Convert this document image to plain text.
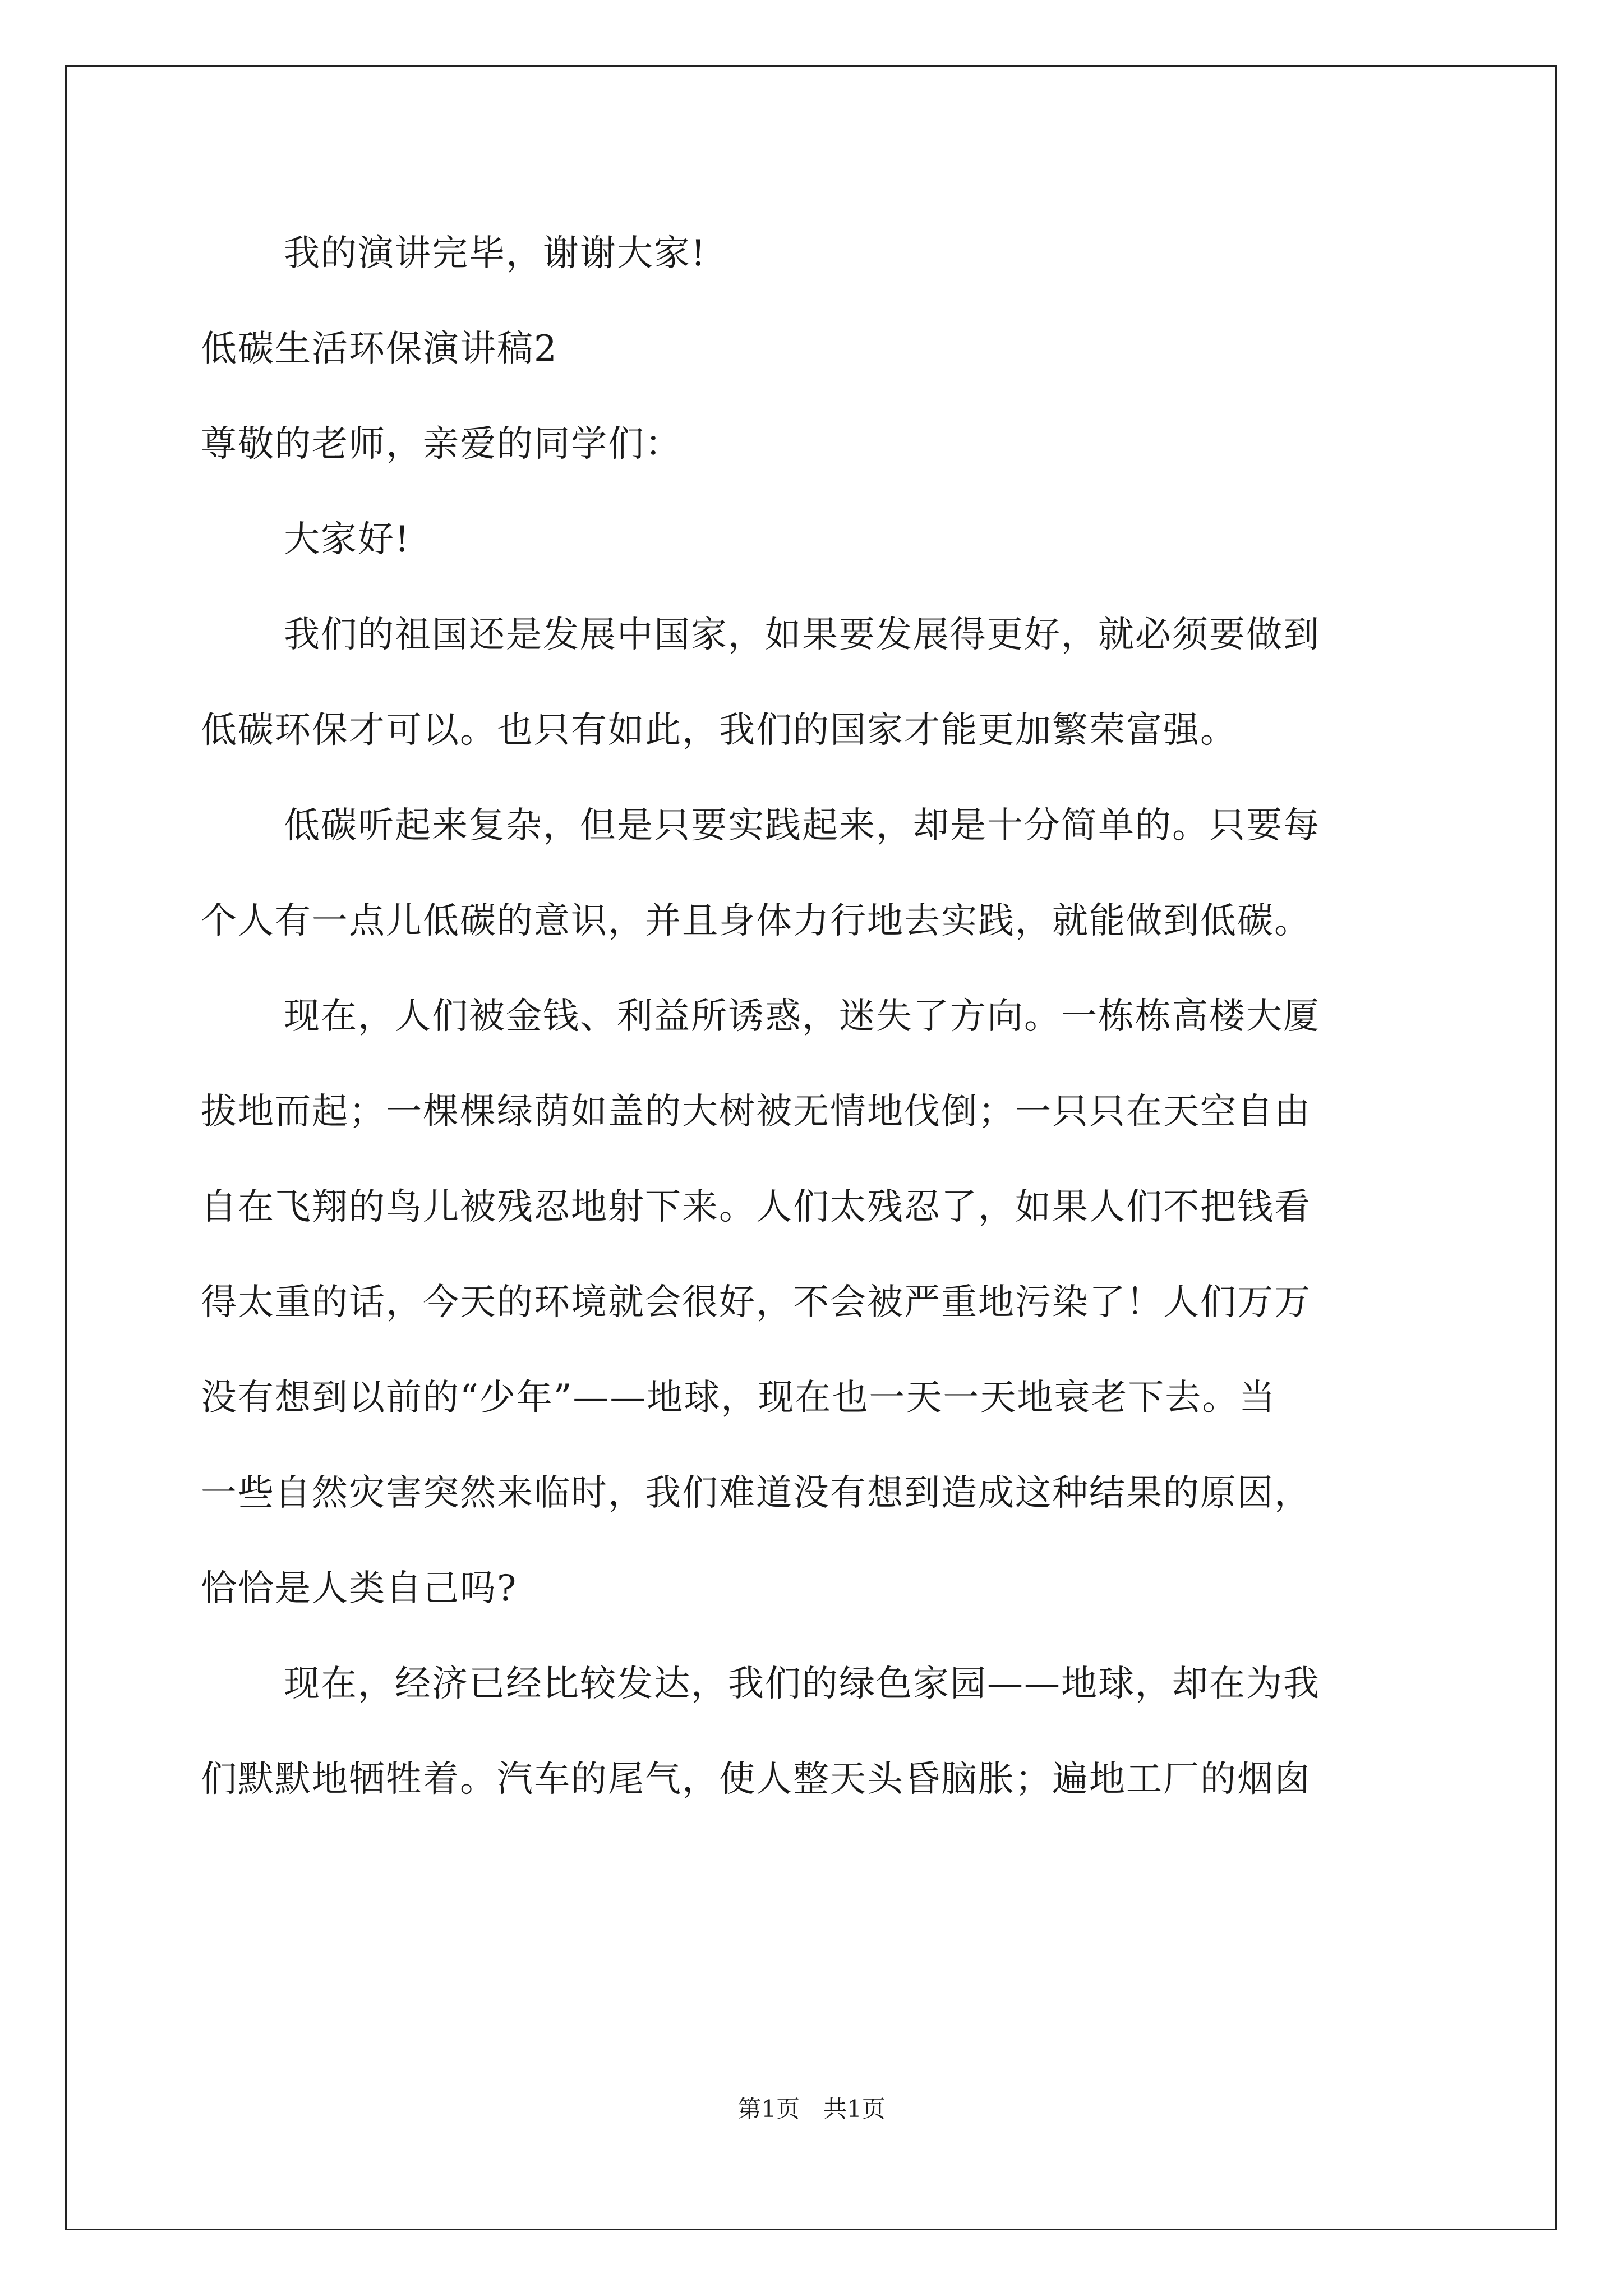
我的演讲完毕，谢谢大家!
低碳生活环保演讲稿2
尊敬的老师，亲爱的同学们：
大家好!
我们的祖国还是发展中国家，如果要发展得更好，就必须要做到
低碳环保才可以。也只有如此，我们的国家才能更加繁荣富强。
低碳听起来复杂，但是只要实践起来，却是十分简单的。只要每
个人有一点儿低碳的意识，并且身体力行地去实践，就能做到低碳。
现在，人们被金钱、利益所诱惑，迷失了方向。一栋栋高楼大厦
拔地而起；一棵棵绿荫如盖的大树被无情地伐倒；一只只在天空自由
自在飞翔的鸟儿被残忍地射下来。人们太残忍了，如果人们不把钱看
得太重的话，今天的环境就会很好，不会被严重地污染了！人们万万
没有想到以前的“少年”——地球，现在也一天一天地衰老下去。当
一些自然灾害突然来临时，我们难道没有想到造成这种结果的原因，
恰恰是人类自己吗?
现在，经济已经比较发达，我们的绿色家园——地球，却在为我
们默默地牺牲着。汽车的尾气，使人整天头昏脑胀；遍地工厂的烟囱
第1页　共1页
